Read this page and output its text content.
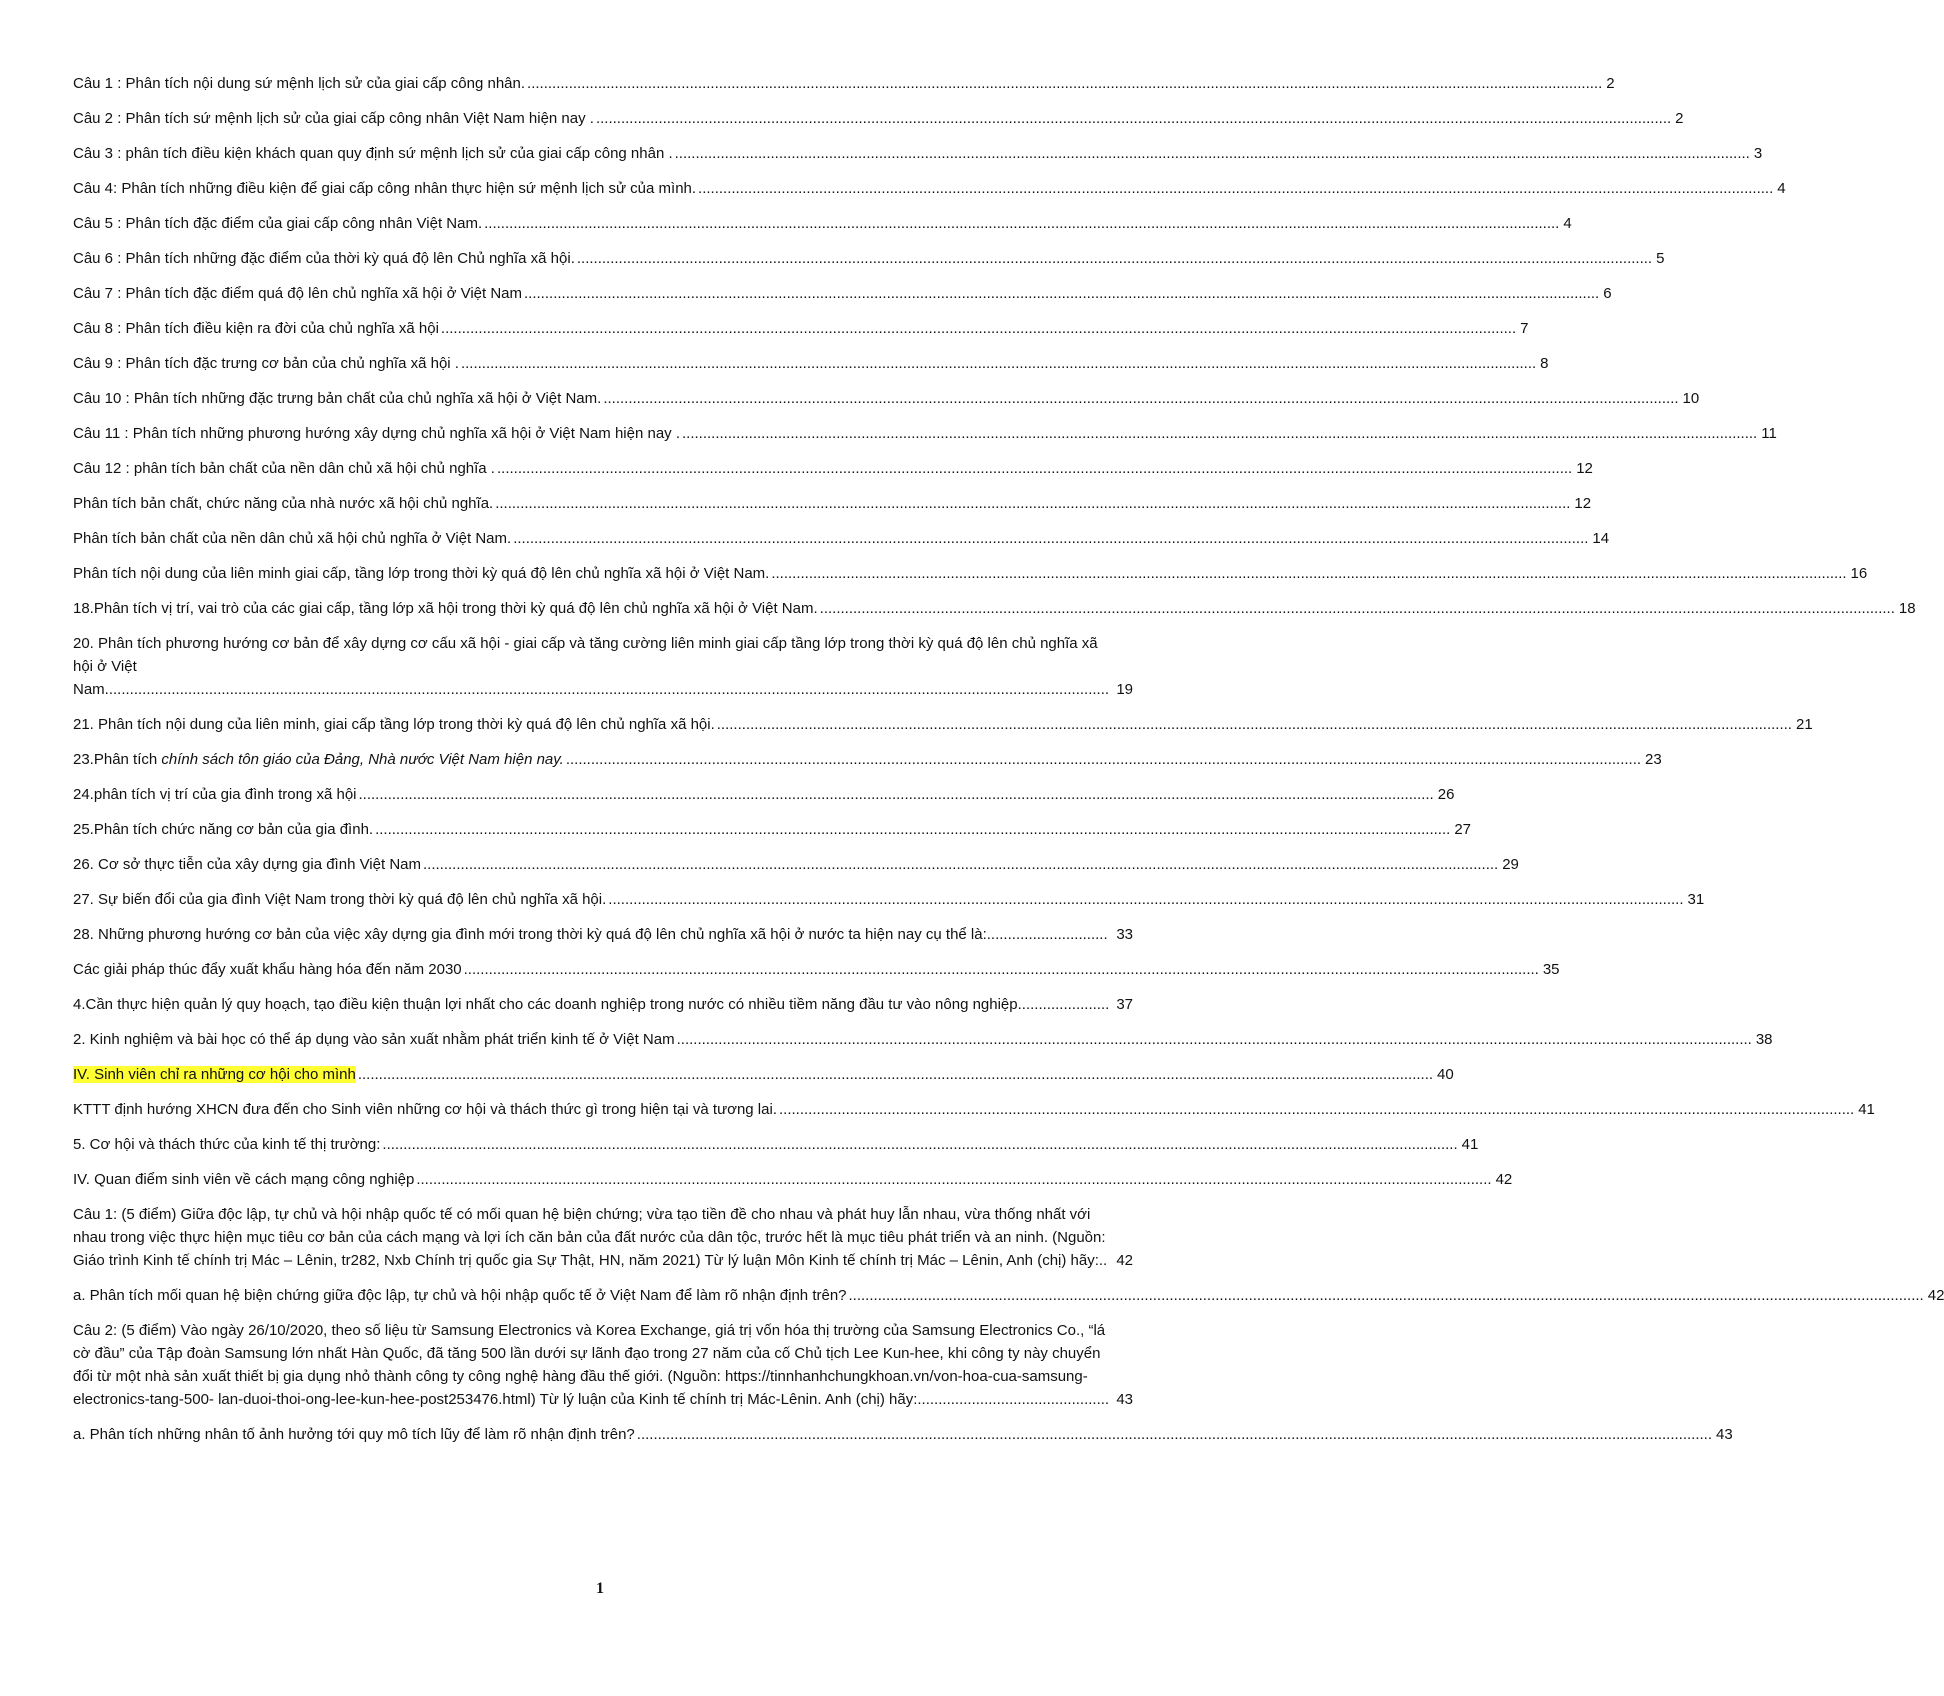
Câu 1 : Phân tích nội dung sứ mệnh lịch sử của giai cấp công nhân. .....	2
Câu 2 : Phân tích sứ mệnh lịch sử của giai cấp công nhân Việt Nam hiện nay . .....	2
Câu 3 : phân tích điều kiện khách quan quy định sứ mệnh lịch sử của giai cấp công nhân . .....	3
Câu 4: Phân tích những điều kiện để giai cấp công nhân thực hiện sứ mệnh lịch sử của mình. .....	4
Câu 5 : Phân tích đặc điểm của giai cấp công nhân Việt Nam. .....	4
Câu 6 : Phân tích những đặc điểm của thời kỳ quá độ lên Chủ nghĩa xã hội. .....	5
Câu 7 : Phân tích đặc điểm quá độ lên chủ nghĩa xã hội ở Việt Nam .....	6
Câu 8 : Phân tích điều kiện ra đời của chủ nghĩa xã hội .....	7
Câu 9 : Phân tích đặc trưng cơ bản của chủ nghĩa xã hội . .....	8
Câu 10 : Phân tích những đặc trưng bản chất của chủ nghĩa xã hội ở Việt Nam. .....	10
Câu 11 : Phân tích những phương hướng xây dựng chủ nghĩa xã hội ở Việt Nam hiện nay . .....	11
Câu 12 : phân tích bản chất của nền dân chủ xã hội chủ nghĩa . .....	12
Phân tích bản chất, chức năng của nhà nước xã hội chủ nghĩa. .....	12
Phân tích bản chất của nền dân chủ xã hội chủ nghĩa ở Việt Nam. .....	14
Phân tích nội dung của liên minh giai cấp, tầng lớp trong thời kỳ quá độ lên chủ nghĩa xã hội ở Việt Nam. .....	16
18.Phân tích vị trí, vai trò của các giai cấp, tầng lớp xã hội trong thời kỳ quá độ lên chủ nghĩa xã hội ở Việt Nam. .....	18
20. Phân tích phương hướng cơ bản để xây dựng cơ cấu xã hội - giai cấp và tăng cường liên minh giai cấp tầng lớp trong thời kỳ quá độ lên chủ nghĩa xã hội ở Việt Nam................................................................................................................................................................................................................................................. 19
21. Phân tích nội dung của liên minh, giai cấp tầng lớp trong thời kỳ quá độ lên chủ nghĩa xã hội. .....	21
23.Phân tích chính sách tôn giáo của Đảng, Nhà nước Việt Nam hiện nay. .....	23
24.phân tích vị trí của gia đình trong xã hội .....	26
25.Phân tích chức năng cơ bản của gia đình. .....	27
26. Cơ sở thực tiễn của xây dựng gia đình Việt Nam .....	29
27. Sự biến đổi của gia đình Việt Nam trong thời kỳ quá độ lên chủ nghĩa xã hội. .....	31
28. Những phương hướng cơ bản của việc xây dựng gia đình mới trong thời kỳ quá độ lên chủ nghĩa xã hội ở nước ta hiện nay cụ thể là:............................. 33
Các giải pháp thúc đẩy xuất khẩu hàng hóa đến năm 2030 .....	35
4.Cần thực hiện quản lý quy hoạch, tạo điều kiện thuận lợi nhất cho các doanh nghiệp trong nước có nhiều tiềm năng đầu tư vào nông nghiệp...................... 37
2. Kinh nghiệm và bài học có thể áp dụng vào sản xuất nhằm phát triển kinh tế ở Việt Nam .....	38
IV. Sinh viên chỉ ra những cơ hội cho mình .....	40
KTTT định hướng XHCN đưa đến cho Sinh viên những cơ hội và thách thức gì trong hiện tại và tương lai. .....	41
5. Cơ hội và thách thức của kinh tế thị trường: .....	41
IV. Quan điểm sinh viên về cách mạng công nghiệp .....	42
Câu 1: (5 điểm) Giữa độc lập, tự chủ và hội nhập quốc tế có mối quan hệ biện chứng; vừa tạo tiền đề cho nhau và phát huy lẫn nhau, vừa thống nhất với nhau trong việc thực hiện mục tiêu cơ bản của cách mạng và lợi ích căn bản của đất nước của dân tộc, trước hết là mục tiêu phát triển và an ninh. (Nguồn: Giáo trình Kinh tế chính trị Mác – Lênin, tr282, Nxb Chính trị quốc gia Sự Thật, HN, năm 2021) Từ lý luận Môn Kinh tế chính trị Mác – Lênin, Anh (chị) hãy:.. 42
a. Phân tích mối quan hệ biện chứng giữa độc lập, tự chủ và hội nhập quốc tế ở Việt Nam để làm rõ nhận định trên? .....	42
Câu 2: (5 điểm) Vào ngày 26/10/2020, theo số liệu từ Samsung Electronics và Korea Exchange, giá trị vốn hóa thị trường của Samsung Electronics Co., “lá cờ đầu” của Tập đoàn Samsung lớn nhất Hàn Quốc, đã tăng 500 lần dưới sự lãnh đạo trong 27 năm của cố Chủ tịch Lee Kun-hee, khi công ty này chuyển đổi từ một nhà sản xuất thiết bị gia dụng nhỏ thành công ty công nghệ hàng đầu thế giới. (Nguồn: https://tinnhanhchungkhoan.vn/von-hoa-cua-samsung-electronics-tang-500- lan-duoi-thoi-ong-lee-kun-hee-post253476.html) Từ lý luận của Kinh tế chính trị Mác-Lênin. Anh (chị) hãy:.............................................. 43
a. Phân tích những nhân tố ảnh hưởng tới quy mô tích lũy để làm rõ nhận định trên? .....	43
1
